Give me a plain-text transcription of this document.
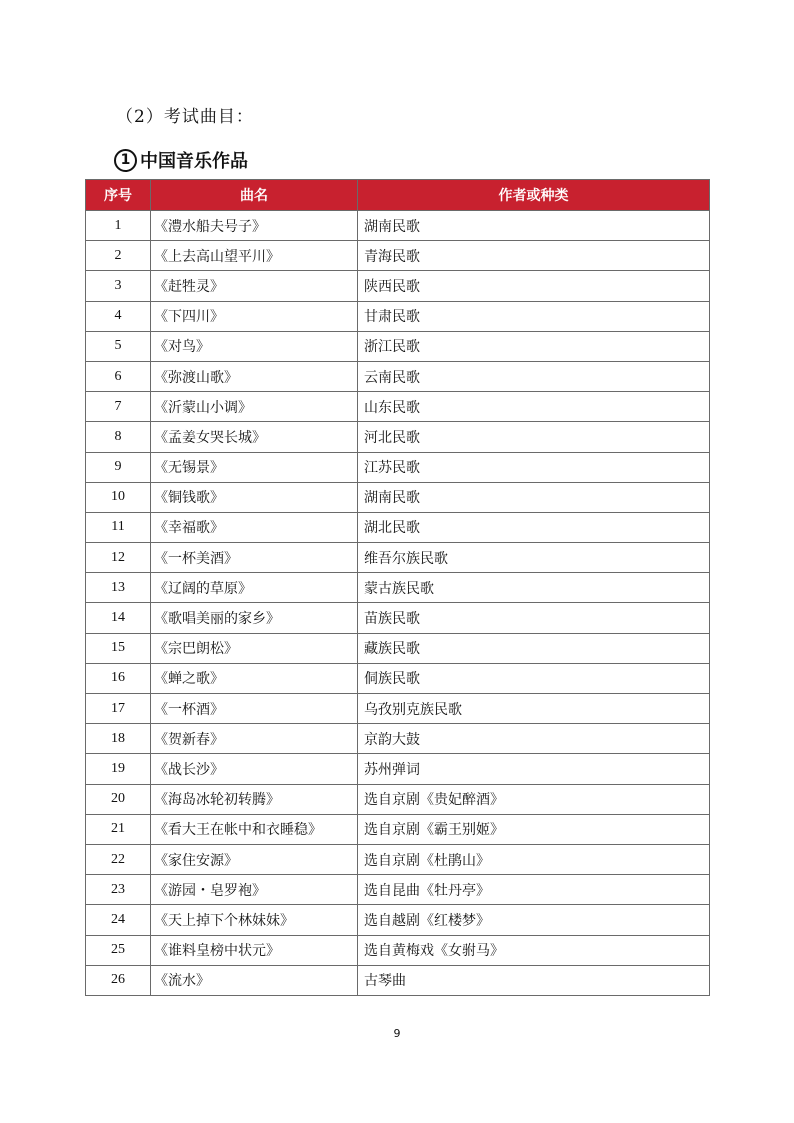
（2）考试曲目：
1 中国音乐作品
序号	曲名	作者或种类
1	《澧水船夫号子》	湖南民歌
2	《上去高山望平川》	青海民歌
3	《赶牲灵》	陕西民歌
4	《下四川》	甘肃民歌
5	《对鸟》	浙江民歌
6	《弥渡山歌》	云南民歌
7	《沂蒙山小调》	山东民歌
8	《孟姜女哭长城》	河北民歌
9	《无锡景》	江苏民歌
10	《铜钱歌》	湖南民歌
11	《幸福歌》	湖北民歌
12	《一杯美酒》	维吾尔族民歌
13	《辽阔的草原》	蒙古族民歌
14	《歌唱美丽的家乡》	苗族民歌
15	《宗巴朗松》	藏族民歌
16	《蝉之歌》	侗族民歌
17	《一杯酒》	乌孜别克族民歌
18	《贺新春》	京韵大鼓
19	《战长沙》	苏州弹词
20	《海岛冰轮初转腾》	选自京剧《贵妃醉酒》
21	《看大王在帐中和衣睡稳》	选自京剧《霸王别姬》
22	《家住安源》	选自京剧《杜鹃山》
23	《游园・皂罗袍》	选自昆曲《牡丹亭》
24	《天上掉下个林妹妹》	选自越剧《红楼梦》
25	《谁料皇榜中状元》	选自黄梅戏《女驸马》
26	《流水》	古琴曲
9
